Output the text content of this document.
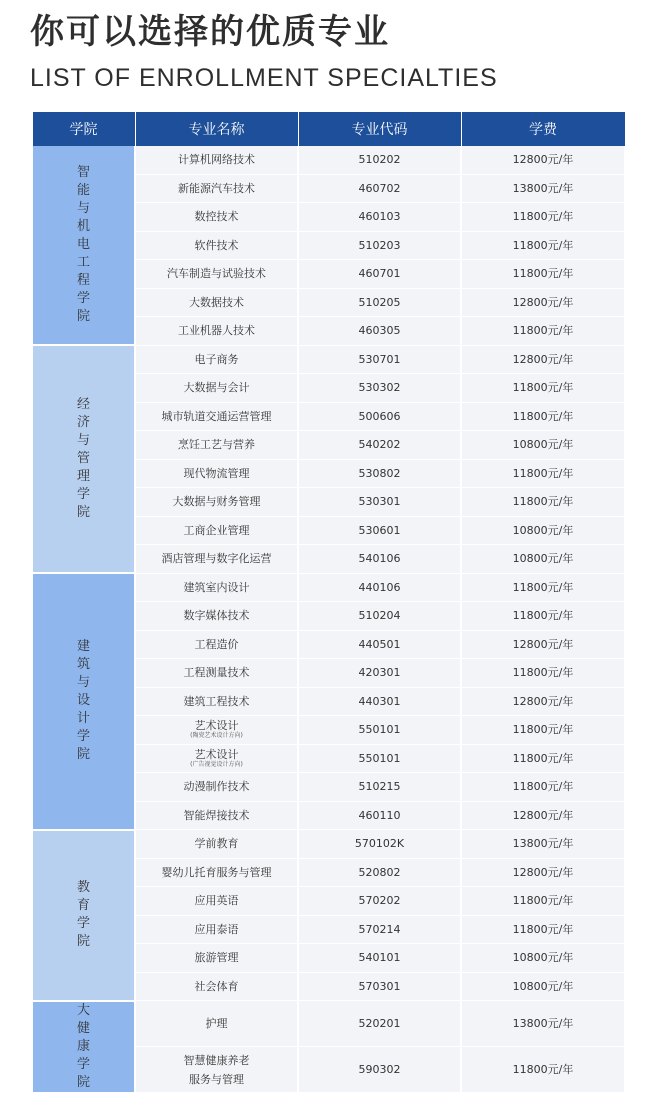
你可以选择的优质专业
LIST OF ENROLLMENT SPECIALTIES
学院	专业名称	专业代码	学费
智能与机电工程学院	计算机网络技术	510202	12800元/年

	新能源汽车技术	460702	13800元/年

	数控技术	460103	11800元/年

	软件技术	510203	11800元/年

	汽车制造与试验技术	460701	11800元/年

	大数据技术	510205	12800元/年

	工业机器人技术	460305	11800元/年
经济与管理学院	电子商务	530701	12800元/年

	大数据与会计	530302	11800元/年

	城市轨道交通运营管理	500606	11800元/年

	烹饪工艺与营养	540202	10800元/年

	现代物流管理	530802	11800元/年

	大数据与财务管理	530301	11800元/年

	工商企业管理	530601	10800元/年

	酒店管理与数字化运营	540106	10800元/年
建筑与设计学院	建筑室内设计	440106	11800元/年

	数字媒体技术	510204	11800元/年

	工程造价	440501	12800元/年

	工程测量技术	420301	11800元/年

	建筑工程技术	440301	12800元/年

	艺术设计
(陶瓷艺术设计方向)	550101	11800元/年

	艺术设计
(广告视觉设计方向)	550101	11800元/年

	动漫制作技术	510215	11800元/年

	智能焊接技术	460110	12800元/年
教育学院	学前教育	570102K	13800元/年

	婴幼儿托育服务与管理	520802	12800元/年

	应用英语	570202	11800元/年

	应用泰语	570214	11800元/年

	旅游管理	540101	10800元/年

	社会体育	570301	10800元/年
大健康学院	护理	520201	13800元/年

	智慧健康养老
服务与管理	590302	11800元/年
